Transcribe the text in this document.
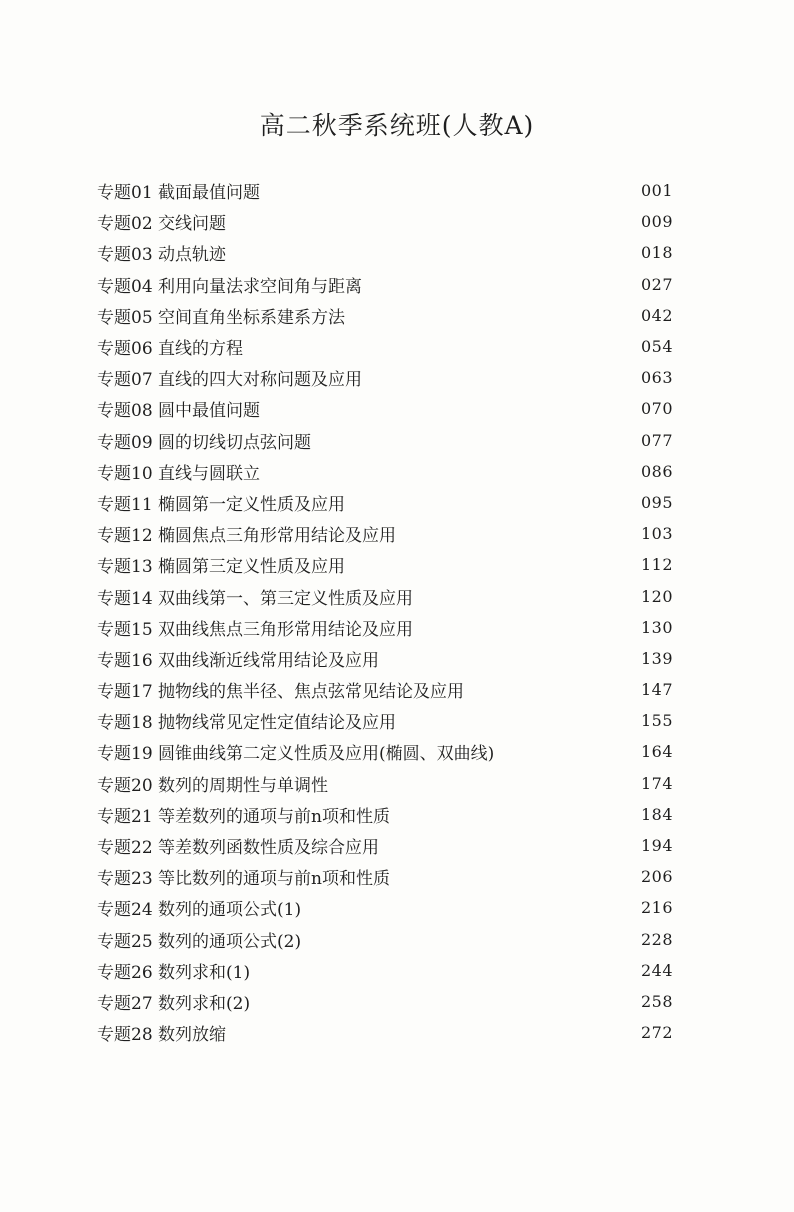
高二秋季系统班(人教A)
专题01 截面最值问题	001
专题02 交线问题	009
专题03 动点轨迹	018
专题04 利用向量法求空间角与距离	027
专题05 空间直角坐标系建系方法	042
专题06 直线的方程	054
专题07 直线的四大对称问题及应用	063
专题08 圆中最值问题	070
专题09 圆的切线切点弦问题	077
专题10 直线与圆联立	086
专题11 椭圆第一定义性质及应用	095
专题12 椭圆焦点三角形常用结论及应用	103
专题13 椭圆第三定义性质及应用	112
专题14 双曲线第一、第三定义性质及应用	120
专题15 双曲线焦点三角形常用结论及应用	130
专题16 双曲线渐近线常用结论及应用	139
专题17 抛物线的焦半径、焦点弦常见结论及应用	147
专题18 抛物线常见定性定值结论及应用	155
专题19 圆锥曲线第二定义性质及应用(椭圆、双曲线)	164
专题20 数列的周期性与单调性	174
专题21 等差数列的通项与前n项和性质	184
专题22 等差数列函数性质及综合应用	194
专题23 等比数列的通项与前n项和性质	206
专题24 数列的通项公式(1)	216
专题25 数列的通项公式(2)	228
专题26 数列求和(1)	244
专题27 数列求和(2)	258
专题28 数列放缩	272
